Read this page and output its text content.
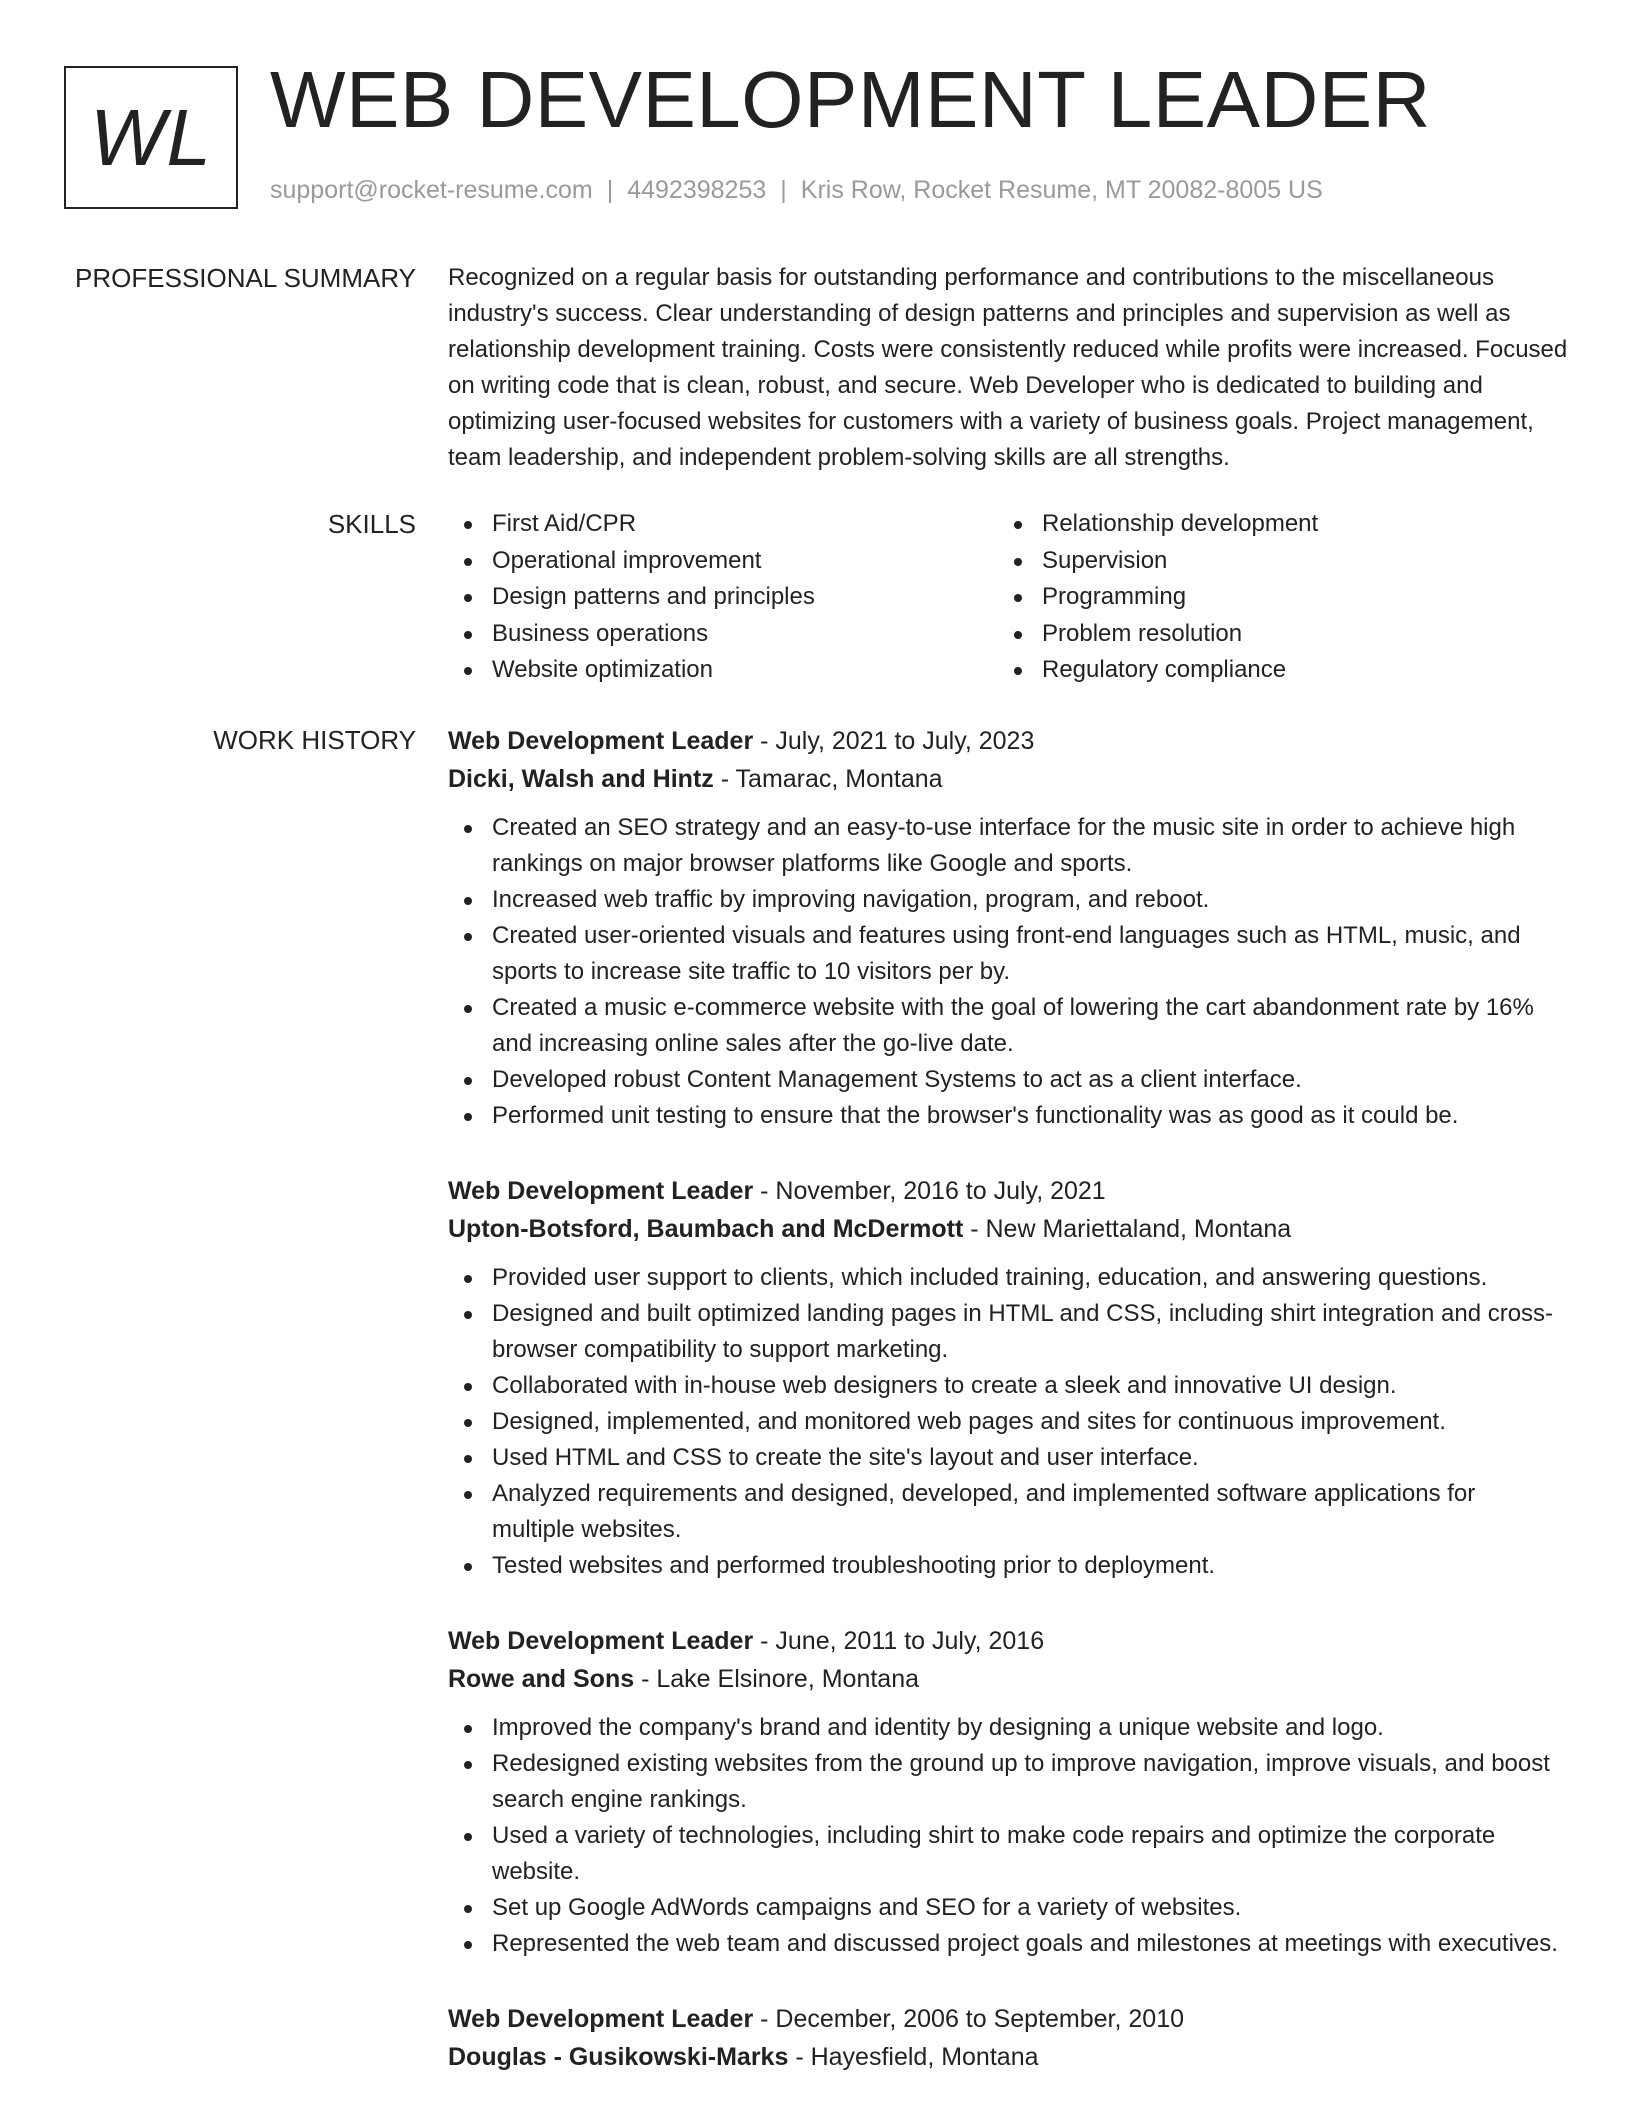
WL WEB DEVELOPMENT LEADER
support@rocket-resume.com | 4492398253 | Kris Row, Rocket Resume, MT 20082-8005 US
PROFESSIONAL SUMMARY Recognized on a regular basis for outstanding performance and contributions to the miscellaneous industry's success. Clear understanding of design patterns and principles and supervision as well as relationship development training. Costs were consistently reduced while profits were increased. Focused on writing code that is clean, robust, and secure. Web Developer who is dedicated to building and optimizing user-focused websites for customers with a variety of business goals. Project management, team leadership, and independent problem-solving skills are all strengths.
SKILLS	First Aid/CPR
Operational improvement
Design patterns and principles
Business operations
Website optimization
Relationship development
Supervision
Programming
Problem resolution
Regulatory compliance
WORK HISTORY Web Development Leader - July, 2021 to July, 2023
Dicki, Walsh and Hintz - Tamarac, Montana
Created an SEO strategy and an easy-to-use interface for the music site in order to achieve high rankings on major browser platforms like Google and sports.
Increased web traffic by improving navigation, program, and reboot.
Created user-oriented visuals and features using front-end languages such as HTML, music, and sports to increase site traffic to 10 visitors per by.
Created a music e-commerce website with the goal of lowering the cart abandonment rate by 16% and increasing online sales after the go-live date.
Developed robust Content Management Systems to act as a client interface.
Performed unit testing to ensure that the browser's functionality was as good as it could be.
Web Development Leader - November, 2016 to July, 2021
Upton-Botsford, Baumbach and McDermott - New Mariettaland, Montana
Provided user support to clients, which included training, education, and answering questions.
Designed and built optimized landing pages in HTML and CSS, including shirt integration and cross-browser compatibility to support marketing.
Collaborated with in-house web designers to create a sleek and innovative UI design.
Designed, implemented, and monitored web pages and sites for continuous improvement.
Used HTML and CSS to create the site's layout and user interface.
Analyzed requirements and designed, developed, and implemented software applications for multiple websites.
Tested websites and performed troubleshooting prior to deployment.
Web Development Leader - June, 2011 to July, 2016
Rowe and Sons - Lake Elsinore, Montana
Improved the company's brand and identity by designing a unique website and logo.
Redesigned existing websites from the ground up to improve navigation, improve visuals, and boost search engine rankings.
Used a variety of technologies, including shirt to make code repairs and optimize the corporate website.
Set up Google AdWords campaigns and SEO for a variety of websites.
Represented the web team and discussed project goals and milestones at meetings with executives.
Web Development Leader - December, 2006 to September, 2010
Douglas - Gusikowski-Marks - Hayesfield, Montana
